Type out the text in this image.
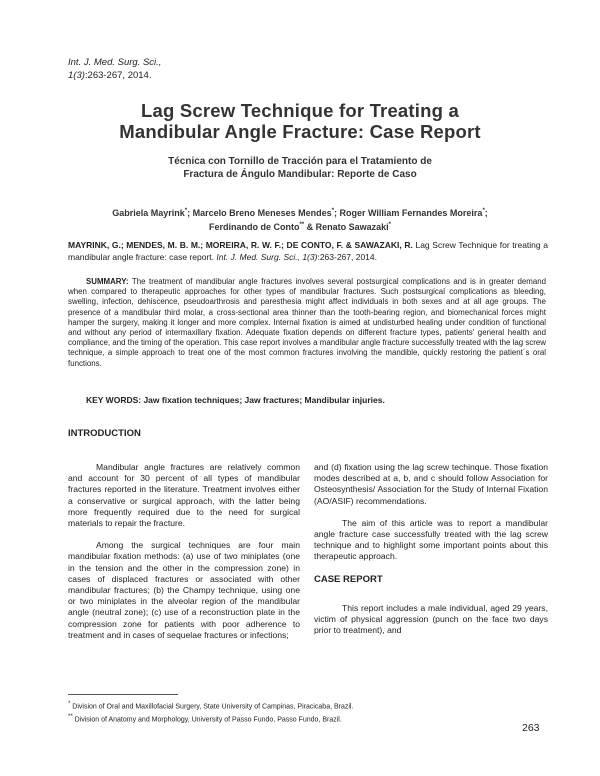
Int. J. Med. Surg. Sci.,
1(3):263-267, 2014.
Lag Screw Technique for Treating a
Mandibular Angle Fracture: Case Report
Técnica con Tornillo de Tracción para el Tratamiento de
Fractura de Ángulo Mandibular: Reporte de Caso
Gabriela Mayrink*; Marcelo Breno Meneses Mendes*; Roger William Fernandes Moreira*;
Ferdinando de Conto** & Renato Sawazaki*
MAYRINK, G.; MENDES, M. B. M.; MOREIRA, R. W. F.; DE CONTO, F. & SAWAZAKI, R. Lag Screw Technique for treating a mandibular angle fracture: case report. Int. J. Med. Surg. Sci., 1(3):263-267, 2014.
SUMMARY: The treatment of mandibular angle fractures involves several postsurgical complications and is in greater demand when compared to therapeutic approaches for other types of mandibular fractures. Such postsurgical complications as bleeding, swelling, infection, dehiscence, pseudoarthrosis and paresthesia might affect individuals in both sexes and at all age groups. The presence of a mandibular third molar, a cross-sectional area thinner than the tooth-bearing region, and biomechanical forces might hamper the surgery, making it longer and more complex. Internal fixation is aimed at undisturbed healing under condition of functional and without any period of intermaxillary fixation. Adequate fixation depends on different fracture types, patients' general health and compliance, and the timing of the operation. This case report involves a mandibular angle fracture successfully treated with the lag screw technique, a simple approach to treat one of the most common fractures involving the mandible, quickly restoring the patient´s oral functions.
KEY WORDS: Jaw fixation techniques; Jaw fractures; Mandibular injuries.
INTRODUCTION

Mandibular angle fractures are relatively common and account for 30 percent of all types of mandibular fractures reported in the literature. Treatment involves either a conservative or surgical approach, with the latter being more frequently required due to the need for surgical materials to repair the fracture.

Among the surgical techniques are four main mandibular fixation methods: (a) use of two miniplates (one in the tension and the other in the compression zone) in cases of displaced fractures or associated with other mandibular fractures; (b) the Champy technique, using one or two miniplates in the alveolar region of the mandibular angle (neutral zone); (c) use of a reconstruction plate in the compression zone for patients with poor adherence to treatment and in cases of sequelae fractures or infections;

and (d) fixation using the lag screw techinque. Those fixation modes described at a, b, and c should follow Association for Osteosynthesis/ Association for the Study of Internal Fixation (AO/ASIF) recommendations.

The aim of this article was to report a mandibular angle fracture case successfully treated with the lag screw technique and to highlight some important points about this therapeutic approach.

CASE REPORT

This report includes a male individual, aged 29 years, victim of physical aggression (punch on the face two days prior to treatment), and

* Division of Oral and Maxillofacial Surgery, State University of Campinas, Piracicaba, Brazil.
** Division of Anatomy and Morphology, University of Passo Fundo, Passo Fundo, Brazil.
263
